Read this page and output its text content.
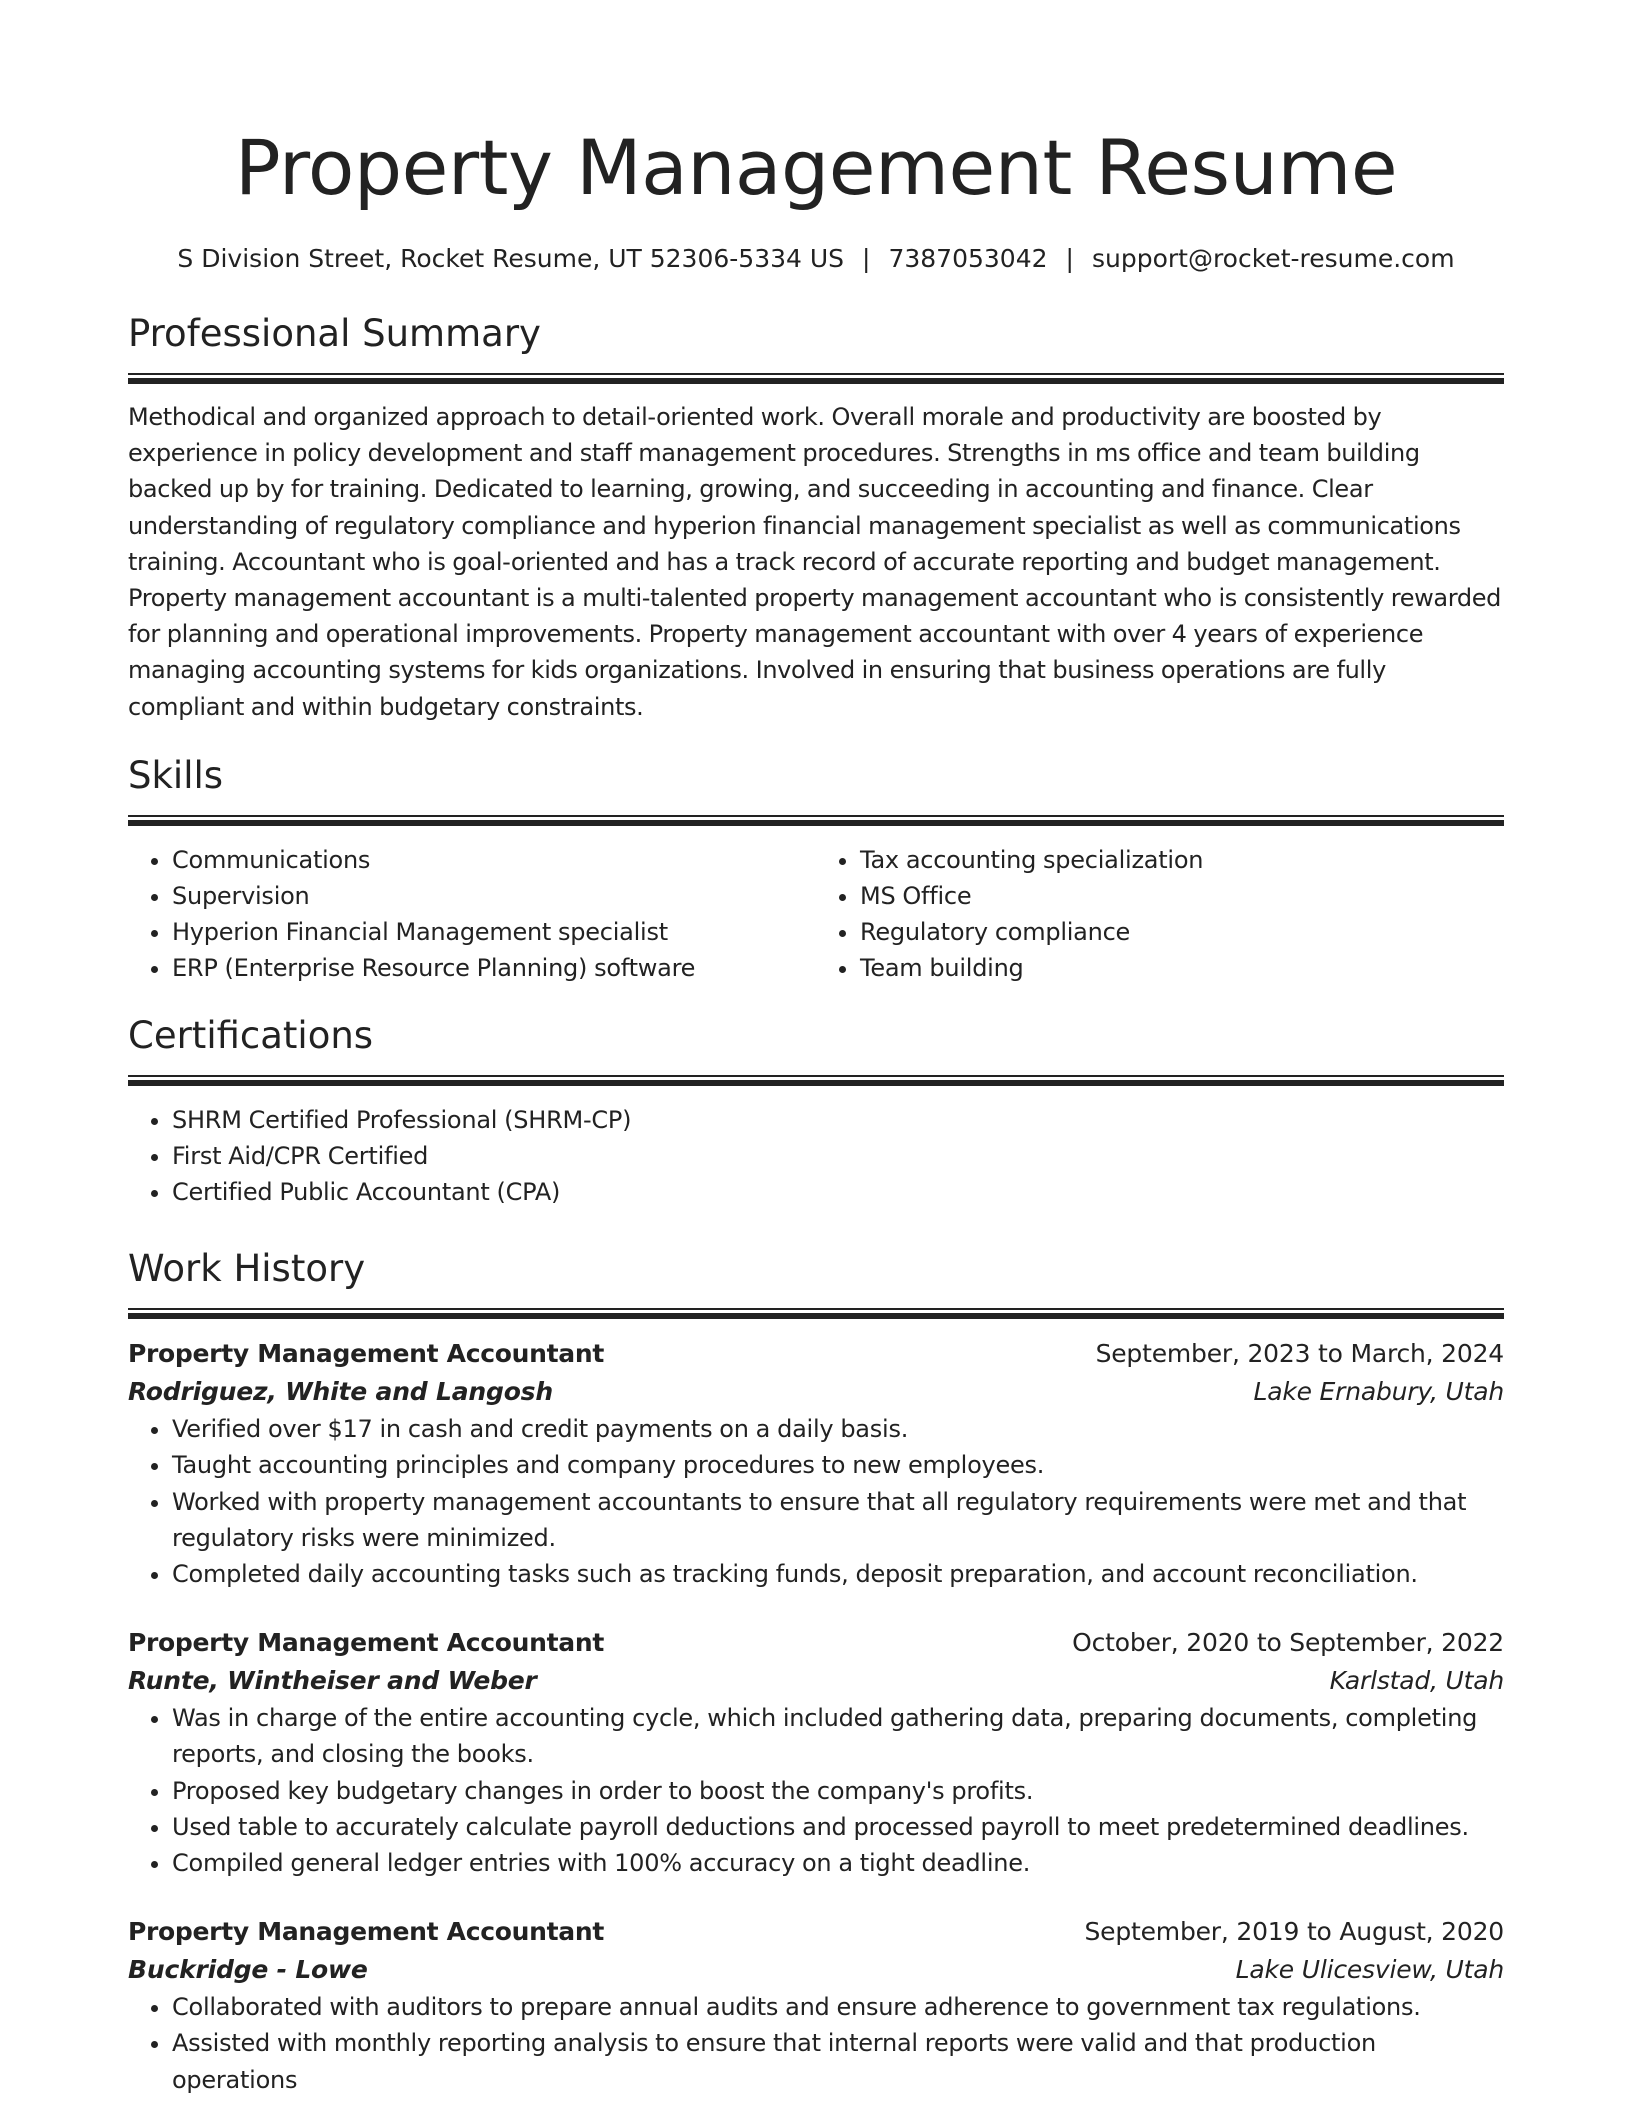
Property Management Resume
S Division Street, Rocket Resume, UT 52306-5334 US | 7387053042 | support@rocket-resume.com
Professional Summary
Methodical and organized approach to detail-oriented work. Overall morale and productivity are boosted by experience in policy development and staff management procedures. Strengths in ms office and team building backed up by for training. Dedicated to learning, growing, and succeeding in accounting and finance. Clear understanding of regulatory compliance and hyperion financial management specialist as well as communications training. Accountant who is goal-oriented and has a track record of accurate reporting and budget management. Property management accountant is a multi-talented property management accountant who is consistently rewarded for planning and operational improvements. Property management accountant with over 4 years of experience managing accounting systems for kids organizations. Involved in ensuring that business operations are fully compliant and within budgetary constraints.
Skills
• Communications
• Supervision
• Hyperion Financial Management specialist
• ERP (Enterprise Resource Planning) software
• Tax accounting specialization
• MS Office
• Regulatory compliance
• Team building
Certifications
• SHRM Certified Professional (SHRM-CP)
• First Aid/CPR Certified
• Certified Public Accountant (CPA)
Work History
Property Management Accountant	September, 2023 to March, 2024
Rodriguez, White and Langosh	Lake Ernabury, Utah
• Verified over $17 in cash and credit payments on a daily basis.
• Taught accounting principles and company procedures to new employees.
• Worked with property management accountants to ensure that all regulatory requirements were met and that regulatory risks were minimized.
• Completed daily accounting tasks such as tracking funds, deposit preparation, and account reconciliation.
Property Management Accountant	October, 2020 to September, 2022
Runte, Wintheiser and Weber	Karlstad, Utah
• Was in charge of the entire accounting cycle, which included gathering data, preparing documents, completing reports, and closing the books.
• Proposed key budgetary changes in order to boost the company's profits.
• Used table to accurately calculate payroll deductions and processed payroll to meet predetermined deadlines.
• Compiled general ledger entries with 100% accuracy on a tight deadline.
Property Management Accountant	September, 2019 to August, 2020
Buckridge - Lowe	Lake Ulicesview, Utah
• Collaborated with auditors to prepare annual audits and ensure adherence to government tax regulations.
• Assisted with monthly reporting analysis to ensure that internal reports were valid and that production operations
